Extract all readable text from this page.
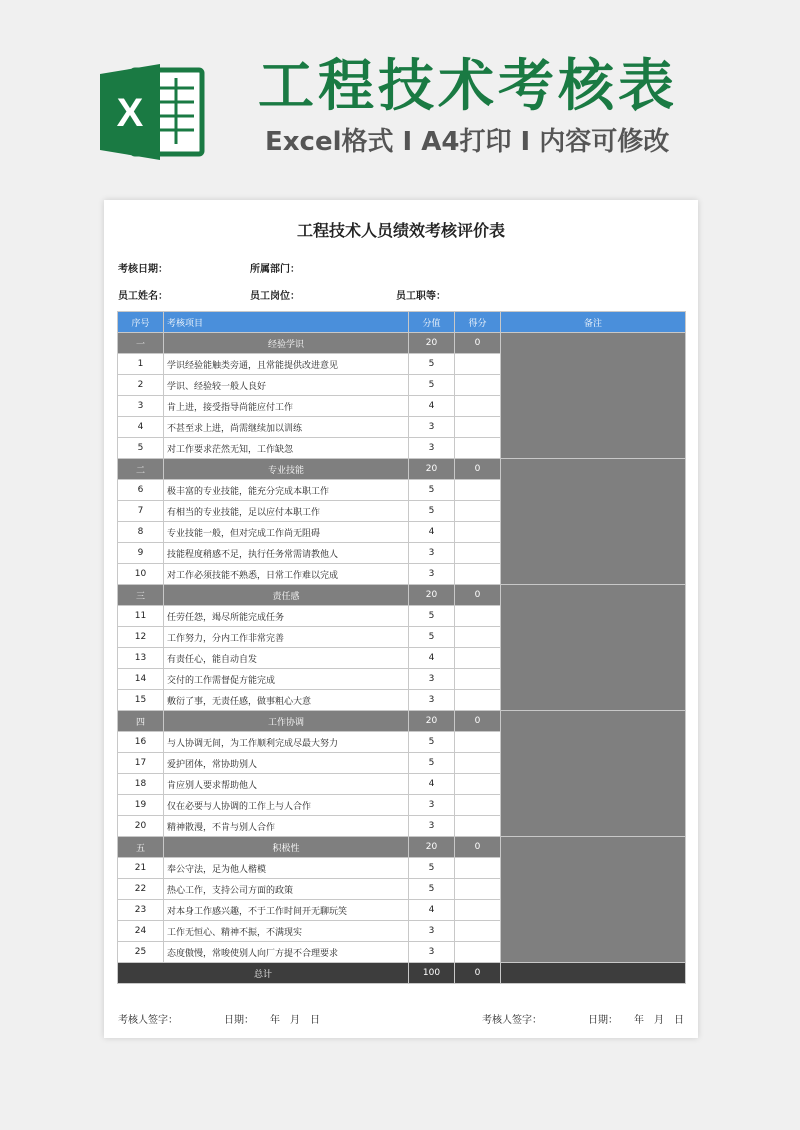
X 工程技术考核表
Excel格式 I A4打印 I 内容可修改
工程技术人员绩效考核评价表
考核日期：	所属部门：
员工姓名：	员工岗位：	员工职等：
序号	考核项目	分值	得分	备注
一	经验学识	20	0	
1	学识经验能触类旁通，且常能提供改进意见	5		
2	学识、经验较一般人良好	5		
3	肯上进，接受指导尚能应付工作	4		
4	不甚至求上进，尚需继续加以训练	3		
5	对工作要求茫然无知，工作缺忽	3		
二	专业技能	20	0	
6	极丰富的专业技能，能充分完成本职工作	5		
7	有相当的专业技能，足以应付本职工作	5		
8	专业技能一般，但对完成工作尚无阻碍	4		
9	技能程度稍感不足，执行任务常需请教他人	3		
10	对工作必须技能不熟悉，日常工作难以完成	3		
三	责任感	20	0	
11	任劳任怨，竭尽所能完成任务	5		
12	工作努力，分内工作非常完善	5		
13	有责任心，能自动自发	4		
14	交付的工作需督促方能完成	3		
15	敷衍了事，无责任感，做事粗心大意	3		
四	工作协调	20	0	
16	与人协调无间，为工作顺利完成尽最大努力	5		
17	爱护团体，常协助别人	5		
18	肯应别人要求帮助他人	4		
19	仅在必要与人协调的工作上与人合作	3		
20	精神散漫，不肯与别人合作	3		
五	积极性	20	0	
21	奉公守法，足为他人楷模	5		
22	热心工作，支持公司方面的政策	5		
23	对本身工作感兴趣，不于工作时间开无聊玩笑	4		
24	工作无恒心、精神不振，不满现实	3		
25	态度傲慢，常唆使别人向厂方提不合理要求	3		
总计		100	0	
考核人签字：	日期： 年　月　日	考核人签字：	日期： 年　月　日
